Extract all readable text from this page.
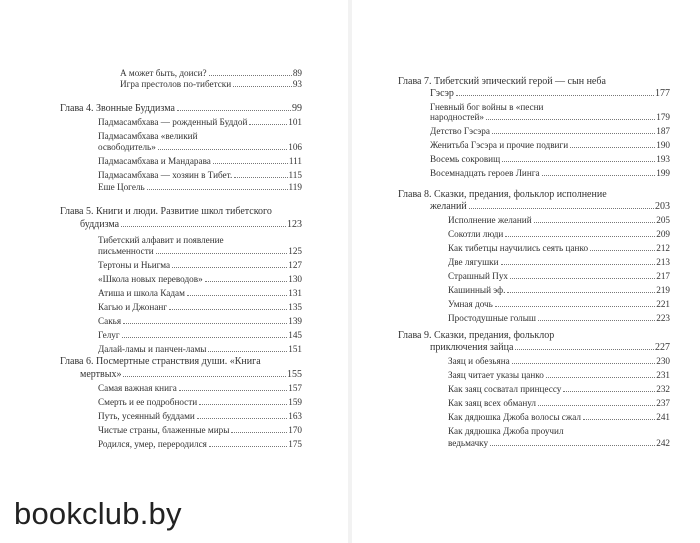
А может быть, доиси?	89
Игра престолов по-тибетски	93
Глава 4. Звонные Буддизма	99
Падмасамбхава — рожденный Буддой	101
Падмасамбхава «великий
освободитель»	106
Падмасамбхава и Мандарава	111
Падмасамбхава — хозяин в Тибет.	115
Еше Цогель	119
Глава 5. Книги и люди. Развитие школ тибетского
буддизма	123
Тибетский алфавит и появление
письменности	125
Тертоны и Ньигма	127
«Школа новых переводов»	130
Атиша и школа Кадам	131
Кагью и Джонанг	135
Сакья	139
Гелуг	145
Далай-ламы и панчен-ламы	151
Глава 6. Посмертные странствия души. «Книга
мертвых»	155
Самая важная книга	157
Смерть и ее подробности	159
Путь, усеянный буддами	163
Чистые страны, блаженные миры	170
Родился, умер, переродился	175
Глава 7. Тибетский эпический герой — сын неба
Гэсэр	177
Гневный бог войны в «песни
народностей»	179
Детство Гэсэра	187
Женитьба Гэсэра и прочие подвиги	190
Восемь сокровищ	193
Восемнадцать героев Линга	199
Глава 8. Сказки, предания, фольклор исполнение
желаний	203
Исполнение желаний	205
Сокотли люди	209
Как тибетцы научились сеять цанко	212
Две лягушки	213
Страшный Пух	217
Кашинный эф.	219
Умная дочь	221
Простодушные голыш	223
Глава 9. Сказки, предания, фольклор
приключения зайца	227
Заяц и обезьяна	230
Заяц читает указы цанко	231
Как заяц сосватал принцессу	232
Как заяц всех обманул	237
Как дядюшка Джоба волосы сжал	241
Как дядюшка Джоба проучил
ведьмачку	242
bookclub.by
